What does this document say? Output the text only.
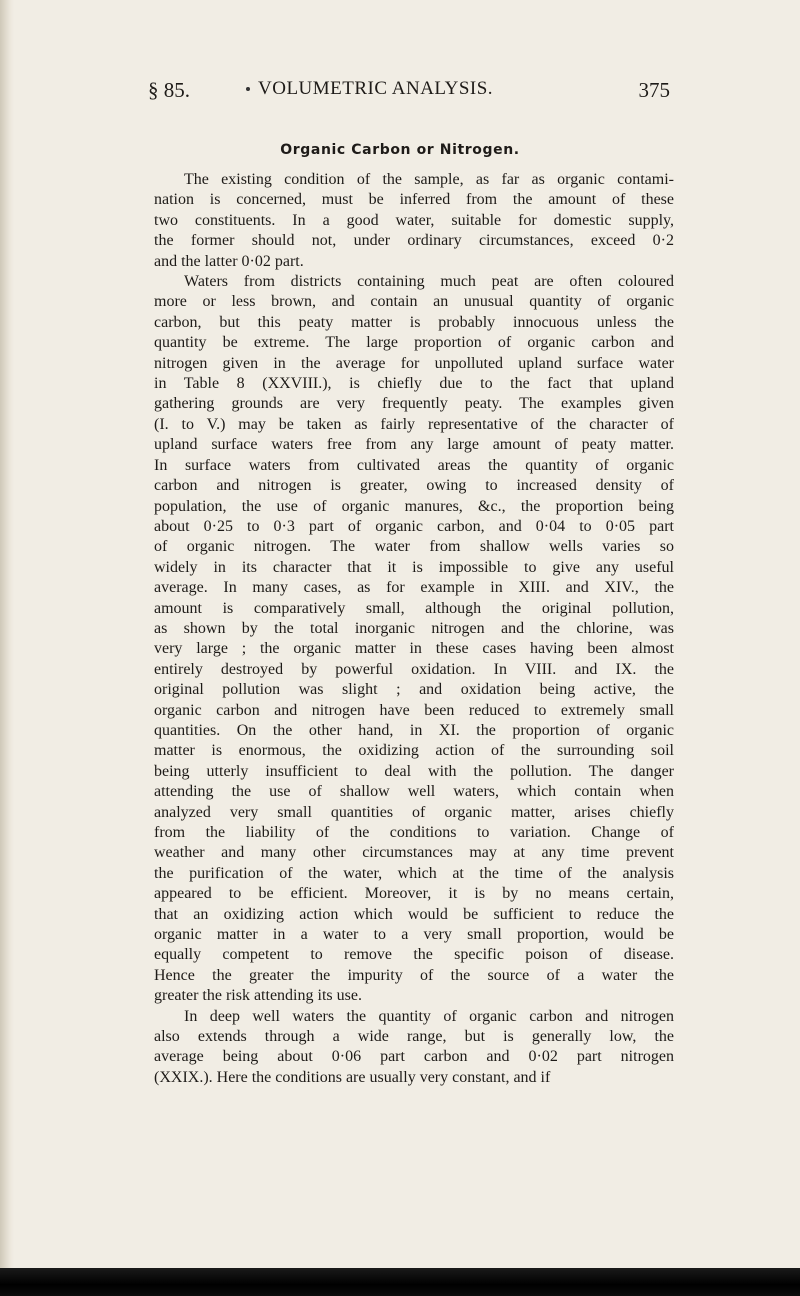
§ 85.	VOLUMETRIC ANALYSIS.	375
Organic Carbon or Nitrogen.

The existing condition of the sample, as far as organic contami-
nation is concerned, must be inferred from the amount of these
two constituents. In a good water, suitable for domestic supply,
the former should not, under ordinary circumstances, exceed 0·2
and the latter 0·02 part.

Waters from districts containing much peat are often coloured
more or less brown, and contain an unusual quantity of organic
carbon, but this peaty matter is probably innocuous unless the
quantity be extreme. The large proportion of organic carbon and
nitrogen given in the average for unpolluted upland surface water
in Table 8 (XXVIII.), is chiefly due to the fact that upland
gathering grounds are very frequently peaty. The examples given
(I. to V.) may be taken as fairly representative of the character of
upland surface waters free from any large amount of peaty matter.
In surface waters from cultivated areas the quantity of organic
carbon and nitrogen is greater, owing to increased density of
population, the use of organic manures, &c., the proportion being
about 0·25 to 0·3 part of organic carbon, and 0·04 to 0·05 part
of organic nitrogen. The water from shallow wells varies so
widely in its character that it is impossible to give any useful
average. In many cases, as for example in XIII. and XIV., the
amount is comparatively small, although the original pollution,
as shown by the total inorganic nitrogen and the chlorine, was
very large ; the organic matter in these cases having been almost
entirely destroyed by powerful oxidation. In VIII. and IX. the
original pollution was slight ; and oxidation being active, the
organic carbon and nitrogen have been reduced to extremely small
quantities. On the other hand, in XI. the proportion of organic
matter is enormous, the oxidizing action of the surrounding soil
being utterly insufficient to deal with the pollution. The danger
attending the use of shallow well waters, which contain when
analyzed very small quantities of organic matter, arises chiefly
from the liability of the conditions to variation. Change of
weather and many other circumstances may at any time prevent
the purification of the water, which at the time of the analysis
appeared to be efficient. Moreover, it is by no means certain,
that an oxidizing action which would be sufficient to reduce the
organic matter in a water to a very small proportion, would be
equally competent to remove the specific poison of disease.
Hence the greater the impurity of the source of a water the
greater the risk attending its use.

In deep well waters the quantity of organic carbon and nitrogen
also extends through a wide range, but is generally low, the
average being about 0·06 part carbon and 0·02 part nitrogen
(XXIX.). Here the conditions are usually very constant, and if
